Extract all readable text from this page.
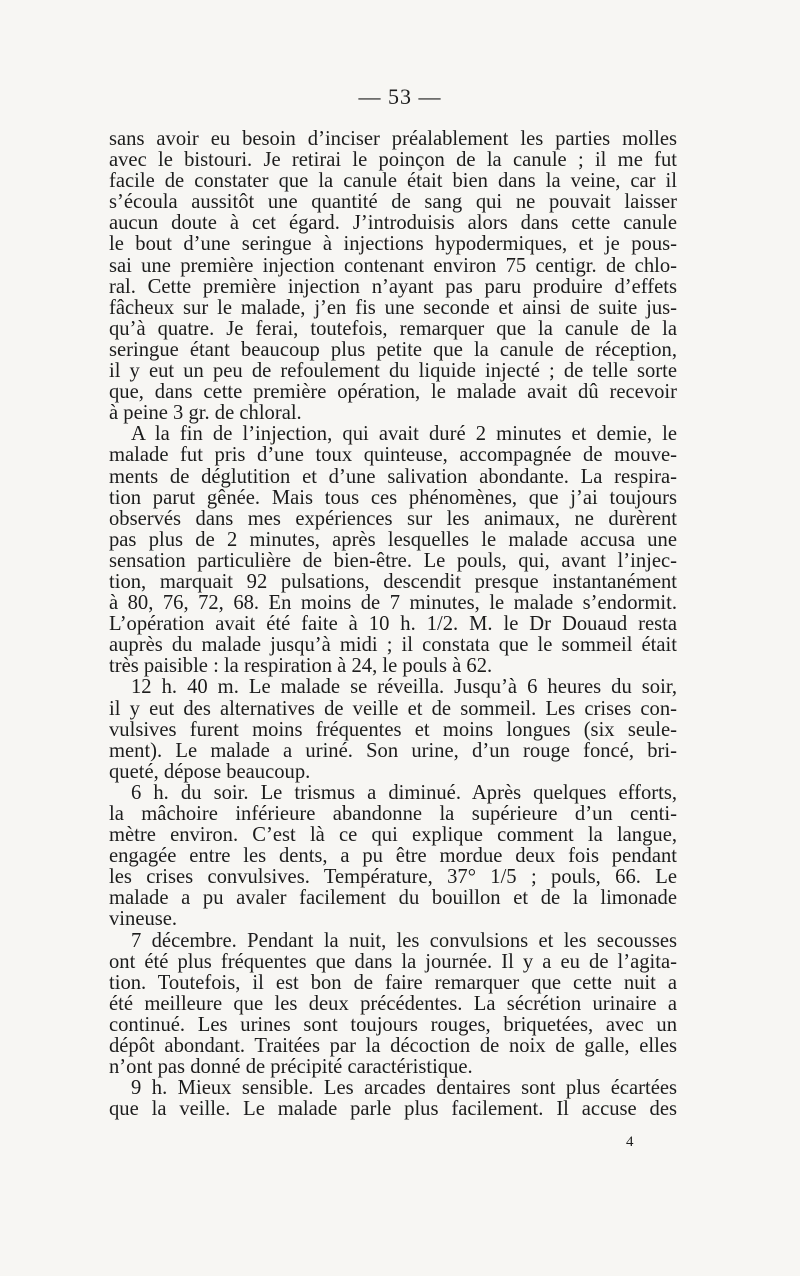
— 53 —
sans avoir eu besoin d’inciser préalablement les parties molles
avec le bistouri. Je retirai le poinçon de la canule ; il me fut
facile de constater que la canule était bien dans la veine, car il
s’écoula aussitôt une quantité de sang qui ne pouvait laisser
aucun doute à cet égard. J’introduisis alors dans cette canule
le bout d’une seringue à injections hypodermiques, et je pous-
sai une première injection contenant environ 75 centigr. de chlo-
ral. Cette première injection n’ayant pas paru produire d’effets
fâcheux sur le malade, j’en fis une seconde et ainsi de suite jus-
qu’à quatre. Je ferai, toutefois, remarquer que la canule de la
seringue étant beaucoup plus petite que la canule de réception,
il y eut un peu de refoulement du liquide injecté ; de telle sorte
que, dans cette première opération, le malade avait dû recevoir
à peine 3 gr. de chloral.
A la fin de l’injection, qui avait duré 2 minutes et demie, le
malade fut pris d’une toux quinteuse, accompagnée de mouve-
ments de déglutition et d’une salivation abondante. La respira-
tion parut gênée. Mais tous ces phénomènes, que j’ai toujours
observés dans mes expériences sur les animaux, ne durèrent
pas plus de 2 minutes, après lesquelles le malade accusa une
sensation particulière de bien-être. Le pouls, qui, avant l’injec-
tion, marquait 92 pulsations, descendit presque instantanément
à 80, 76, 72, 68. En moins de 7 minutes, le malade s’endormit.
L’opération avait été faite à 10 h. 1/2. M. le Dr Douaud resta
auprès du malade jusqu’à midi ; il constata que le sommeil était
très paisible : la respiration à 24, le pouls à 62.
12 h. 40 m. Le malade se réveilla. Jusqu’à 6 heures du soir,
il y eut des alternatives de veille et de sommeil. Les crises con-
vulsives furent moins fréquentes et moins longues (six seule-
ment). Le malade a uriné. Son urine, d’un rouge foncé, bri-
queté, dépose beaucoup.
6 h. du soir. Le trismus a diminué. Après quelques efforts,
la mâchoire inférieure abandonne la supérieure d’un centi-
mètre environ. C’est là ce qui explique comment la langue,
engagée entre les dents, a pu être mordue deux fois pendant
les crises convulsives. Température, 37° 1/5 ; pouls, 66. Le
malade a pu avaler facilement du bouillon et de la limonade
vineuse.
7 décembre. Pendant la nuit, les convulsions et les secousses
ont été plus fréquentes que dans la journée. Il y a eu de l’agita-
tion. Toutefois, il est bon de faire remarquer que cette nuit a
été meilleure que les deux précédentes. La sécrétion urinaire a
continué. Les urines sont toujours rouges, briquetées, avec un
dépôt abondant. Traitées par la décoction de noix de galle, elles
n’ont pas donné de précipité caractéristique.
9 h. Mieux sensible. Les arcades dentaires sont plus écartées
que la veille. Le malade parle plus facilement. Il accuse des
4
